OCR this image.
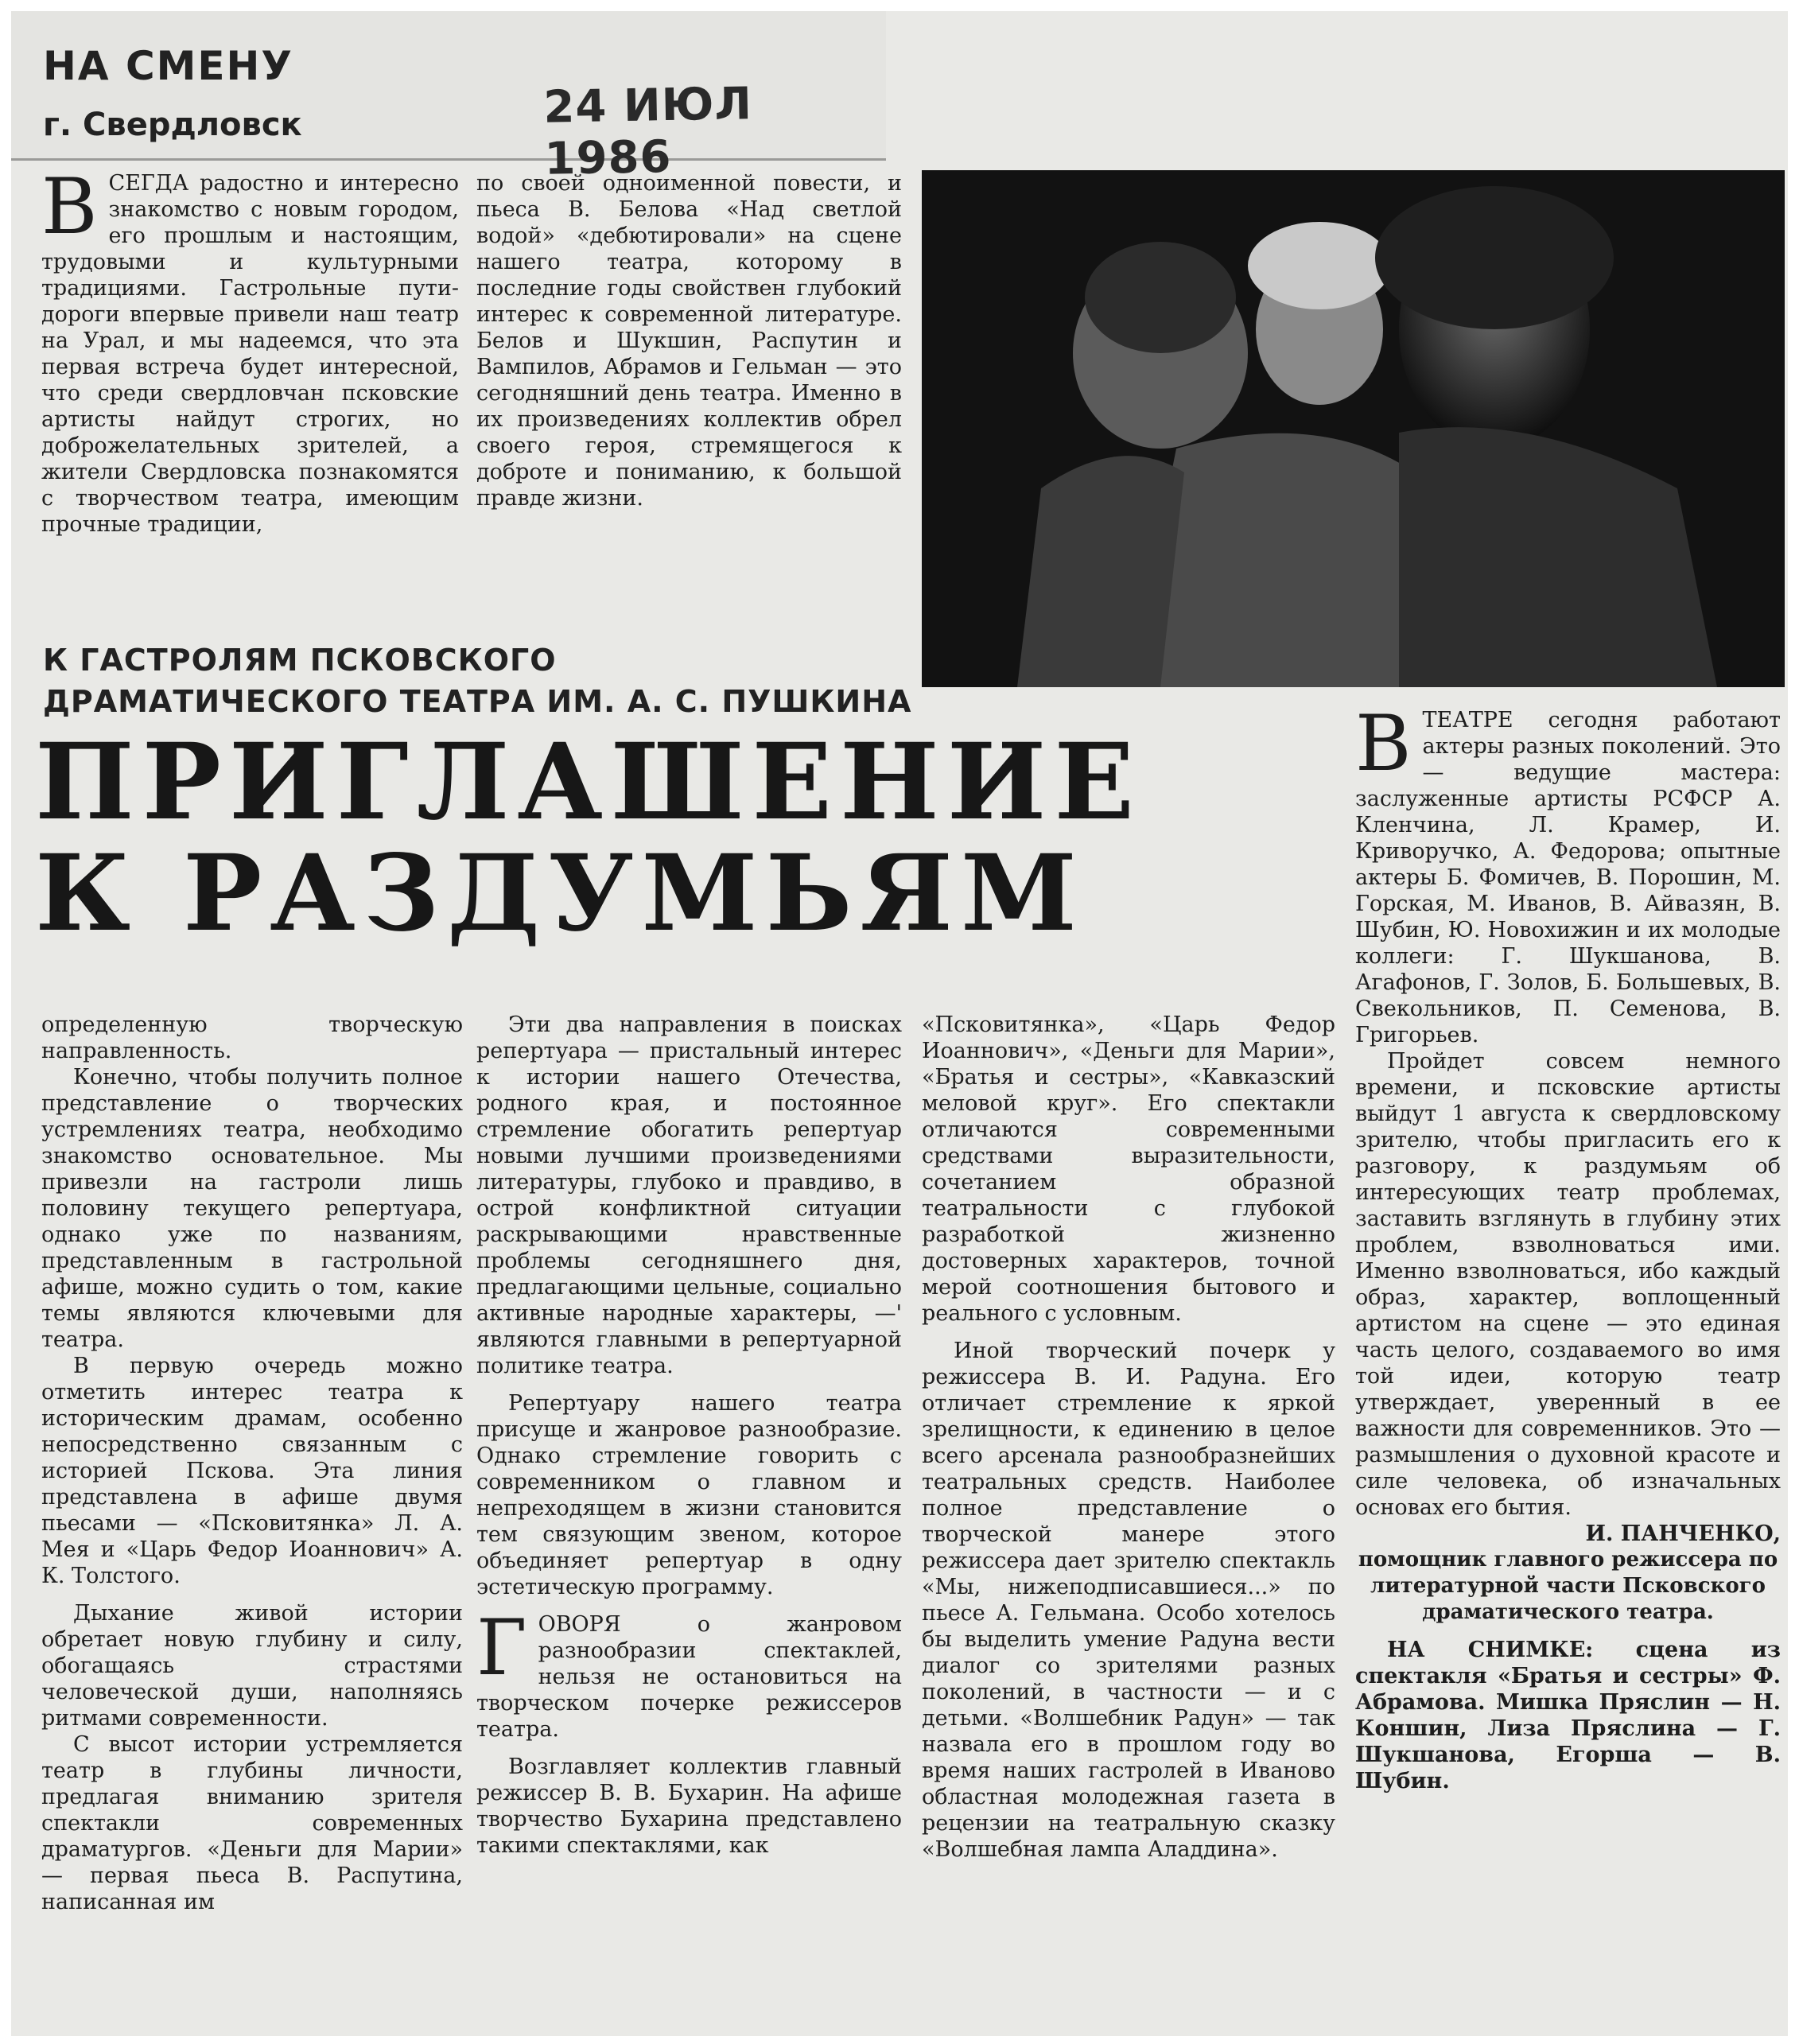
НА СМЕНУ
г. Свердловск	24 ИЮЛ 1986

ВСЕГДА радостно и интересно знакомство с новым городом, его прошлым и настоящим, трудовыми и культурными традициями. Гастрольные пути-дороги впервые привели наш театр на Урал, и мы надеемся, что эта первая встреча будет интересной, что среди свердловчан псковские артисты найдут строгих, но доброжелательных зрителей, а жители Свердловска познакомятся с творчеством театра, имеющим прочные традиции,

по своей одноименной повести, и пьеса В. Белова «Над светлой водой» «дебютировали» на сцене нашего театра, которому в последние годы свойствен глубокий интерес к современной литературе. Белов и Шукшин, Распутин и Вампилов, Абрамов и Гельман — это сегодняшний день театра. Именно в их произведениях коллектив обрел своего героя, стремящегося к доброте и пониманию, к большой правде жизни.

К ГАСТРОЛЯМ ПСКОВСКОГО
ДРАМАТИЧЕСКОГО ТЕАТРА ИМ. А. С. ПУШКИНА
ПРИГЛАШЕНИЕ
К РАЗДУМЬЯМ

определенную творческую направленность.

Конечно, чтобы получить полное представление о творческих устремлениях театра, необходимо знакомство основательное. Мы привезли на гастроли лишь половину текущего репертуара, однако уже по названиям, представленным в гастрольной афише, можно судить о том, какие темы являются ключевыми для театра.

В первую очередь можно отметить интерес театра к историческим драмам, особенно непосредственно связанным с историей Пскова. Эта линия представлена в афише двумя пьесами — «Псковитянка» Л. А. Мея и «Царь Федор Иоаннович» А. К. Толстого.

Дыхание живой истории обретает новую глубину и силу, обогащаясь страстями человеческой души, наполняясь ритмами современности.

С высот истории устремляется театр в глубины личности, предлагая вниманию зрителя спектакли современных драматургов. «Деньги для Марии» — первая пьеса В. Распутина, написанная им

Эти два направления в поисках репертуара — пристальный интерес к истории нашего Отечества, родного края, и постоянное стремление обогатить репертуар новыми лучшими произведениями литературы, глубоко и правдиво, в острой конфликтной ситуации раскрывающими нравственные проблемы сегодняшнего дня, предлагающими цельные, социально активные народные характеры, —' являются главными в репертуарной политике театра.

Репертуару нашего театра присуще и жанровое разнообразие. Однако стремление говорить с современником о главном и непреходящем в жизни становится тем связующим звеном, которое объединяет репертуар в одну эстетическую программу.

ГОВОРЯ о жанровом разнообразии спектаклей, нельзя не остановиться на творческом почерке режиссеров театра.

Возглавляет коллектив главный режиссер В. В. Бухарин. На афише творчество Бухарина представлено такими спектаклями, как

«Псковитянка», «Царь Федор Иоаннович», «Деньги для Марии», «Братья и сестры», «Кавказский меловой круг». Его спектакли отличаются современными средствами выразительности, сочетанием образной театральности с глубокой разработкой жизненно достоверных характеров, точной мерой соотношения бытового и реального с условным.

Иной творческий почерк у режиссера В. И. Радуна. Его отличает стремление к яркой зрелищности, к единению в целое всего арсенала разнообразнейших театральных средств. Наиболее полное представление о творческой манере этого режиссера дает зрителю спектакль «Мы, нижеподписавшиеся...» по пьесе А. Гельмана. Особо хотелось бы выделить умение Радуна вести диалог со зрителями разных поколений, в частности — и с детьми. «Волшебник Радун» — так назвала его в прошлом году во время наших гастролей в Иваново областная молодежная газета в рецензии на театральную сказку «Волшебная лампа Аладдина».

ВТЕАТРЕ сегодня работают актеры разных поколений. Это — ведущие мастера: заслуженные артисты РСФСР А. Кленчина, Л. Крамер, И. Криворучко, А. Федорова; опытные актеры Б. Фомичев, В. Порошин, М. Горская, М. Иванов, В. Айвазян, В. Шубин, Ю. Новохижин и их молодые коллеги: Г. Шукшанова, В. Агафонов, Г. Золов, Б. Большевых, В. Свекольников, П. Семенова, В. Григорьев.

Пройдет совсем немного времени, и псковские артисты выйдут 1 августа к свердловскому зрителю, чтобы пригласить его к разговору, к раздумьям об интересующих театр проблемах, заставить взглянуть в глубину этих проблем, взволноваться ими. Именно взволноваться, ибо каждый образ, характер, воплощенный артистом на сцене — это единая часть целого, создаваемого во имя той идеи, которую театр утверждает, уверенный в ее важности для современников. Это — размышления о духовной красоте и силе человека, об изначальных основах его бытия.

И. ПАНЧЕНКО,
помощник главного режиссера по литературной части Псковского драматического театра.

НА СНИМКЕ: сцена из спектакля «Братья и сестры» Ф. Абрамова. Мишка Пряслин — Н. Коншин, Лиза Пряслина — Г. Шукшанова, Егорша — В. Шубин.
